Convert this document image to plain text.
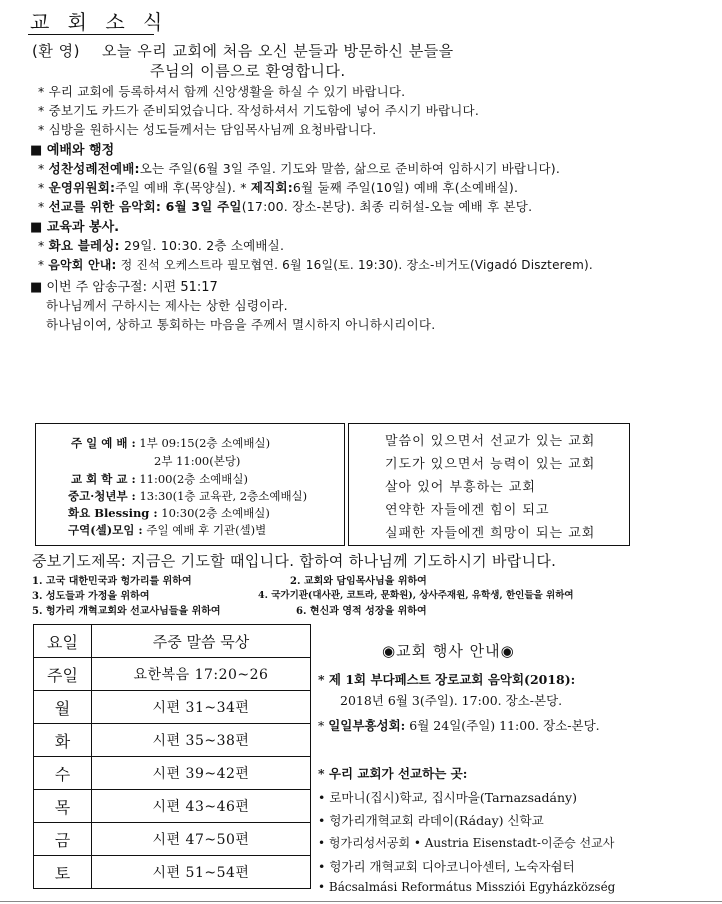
교 회 소 식
(환 영) 오늘 우리 교회에 처음 오신 분들과 방문하신 분들을
주님의 이름으로 환영합니다.
* 우리 교회에 등록하셔서 함께 신앙생활을 하실 수 있기 바랍니다.
* 중보기도 카드가 준비되었습니다. 작성하셔서 기도함에 넣어 주시기 바랍니다.
* 심방을 원하시는 성도들께서는 담임목사님께 요청바랍니다.
■ 예배와 행정
* 성찬성례전예배:오는 주일(6월 3일 주일. 기도와 말씀, 삶으로 준비하여 임하시기 바랍니다).
* 운영위원회:주일 예배 후(목양실). * 제직회:6월 둘째 주일(10일) 예배 후(소예배실).
* 선교를 위한 음악회: 6월 3일 주일(17:00. 장소-본당). 최종 리허설-오늘 예배 후 본당.
■ 교육과 봉사.
* 화요 블레싱: 29일. 10:30. 2층 소예배실.
* 음악회 안내: 정 진석 오케스트라 필모협연. 6월 16일(토. 19:30). 장소-비거도(Vigadó Diszterem).
■ 이번 주 암송구절: 시편 51:17
하나님께서 구하시는 제사는 상한 심령이라.
하나님이여, 상하고 통회하는 마음을 주께서 멸시하지 아니하시리이다.
주 일 예 배 : 1부 09:15(2층 소예배실)
2부 11:00(본당)
교 회 학 교 : 11:00(2층 소예배실)
중고·청년부 : 13:30(1층 교육관, 2층소예배실)
화요 Blessing : 10:30(2층 소예배실)
구역(셀)모임 : 주일 예배 후 기관(셀)별
말씀이 있으면서 선교가 있는 교회
기도가 있으면서 능력이 있는 교회
살아 있어 부흥하는 교회
연약한 자들에겐 힘이 되고
실패한 자들에겐 희망이 되는 교회
중보기도제목: 지금은 기도할 때입니다. 합하여 하나님께 기도하시기 바랍니다.
1. 고국 대한민국과 헝가리를 위하여	2. 교회와 담임목사님을 위하여
3. 성도들과 가정을 위하여	4. 국가기관(대사관, 코트라, 문화원), 상사주재원, 유학생, 한인들을 위하여
5. 헝가리 개혁교회와 선교사님들을 위하여	6. 현신과 영적 성장을 위하여
요일	주중 말씀 묵상
주일	요한복음 17:20~26
월	시편 31~34편
화	시편 35~38편
수	시편 39~42편
목	시편 43~46편
금	시편 47~50편
토	시편 51~54편
◉교회 행사 안내◉
* 제 1회 부다페스트 장로교회 음악회(2018):
2018년 6월 3(주일). 17:00. 장소-본당.
* 일일부흥성회: 6월 24일(주일) 11:00. 장소-본당.
* 우리 교회가 선교하는 곳:
• 로마니(집시)학교, 집시마을(Tarnazsadány)
• 헝가리개혁교회 라데이(Ráday) 신학교
• 헝가리성서공회 • Austria Eisenstadt-이준승 선교사
• 헝가리 개혁교회 디아코니아센터, 노숙자쉼터
• Bácsalmási Református Missziói Egyházközség
